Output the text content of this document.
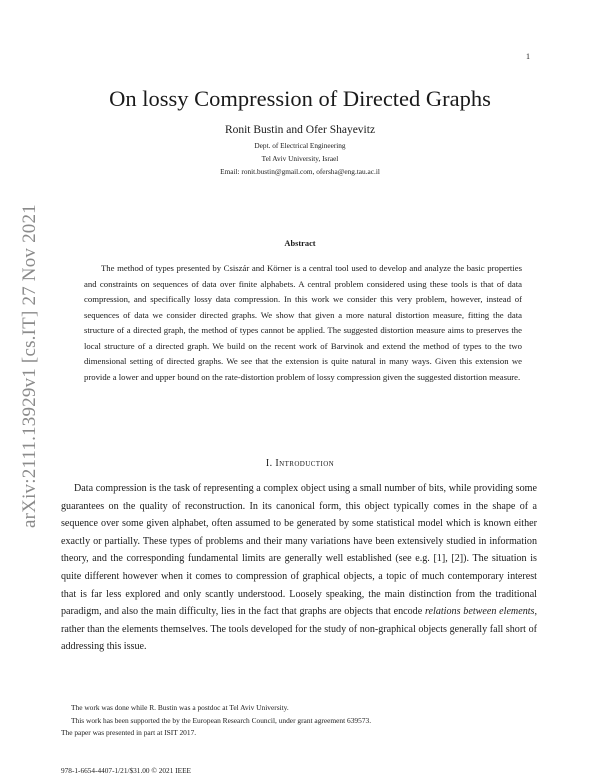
1
arXiv:2111.13929v1 [cs.IT] 27 Nov 2021
On lossy Compression of Directed Graphs
Ronit Bustin and Ofer Shayevitz
Dept. of Electrical Engineering
Tel Aviv University, Israel
Email: ronit.bustin@gmail.com, ofersha@eng.tau.ac.il
Abstract

The method of types presented by Csiszár and Körner is a central tool used to develop and analyze the basic properties and constraints on sequences of data over finite alphabets. A central problem considered using these tools is that of data compression, and specifically lossy data compression. In this work we consider this very problem, however, instead of sequences of data we consider directed graphs. We show that given a more natural distortion measure, fitting the data structure of a directed graph, the method of types cannot be applied. The suggested distortion measure aims to preserves the local structure of a directed graph. We build on the recent work of Barvinok and extend the method of types to the two dimensional setting of directed graphs. We see that the extension is quite natural in many ways. Given this extension we provide a lower and upper bound on the rate-distortion problem of lossy compression given the suggested distortion measure.

I. Introduction

Data compression is the task of representing a complex object using a small number of bits, while providing some guarantees on the quality of reconstruction. In its canonical form, this object typically comes in the shape of a sequence over some given alphabet, often assumed to be generated by some statistical model which is known either exactly or partially. These types of problems and their many variations have been extensively studied in information theory, and the corresponding fundamental limits are generally well established (see e.g. [1], [2]). The situation is quite different however when it comes to compression of graphical objects, a topic of much contemporary interest that is far less explored and only scantly understood. Loosely speaking, the main distinction from the traditional paradigm, and also the main difficulty, lies in the fact that graphs are objects that encode relations between elements, rather than the elements themselves. The tools developed for the study of non-graphical objects generally fall short of addressing this issue.

The work was done while R. Bustin was a postdoc at Tel Aviv University.
This work has been supported the by the European Research Council, under grant agreement 639573.
The paper was presented in part at ISIT 2017.
978-1-6654-4407-1/21/$31.00 © 2021 IEEE
